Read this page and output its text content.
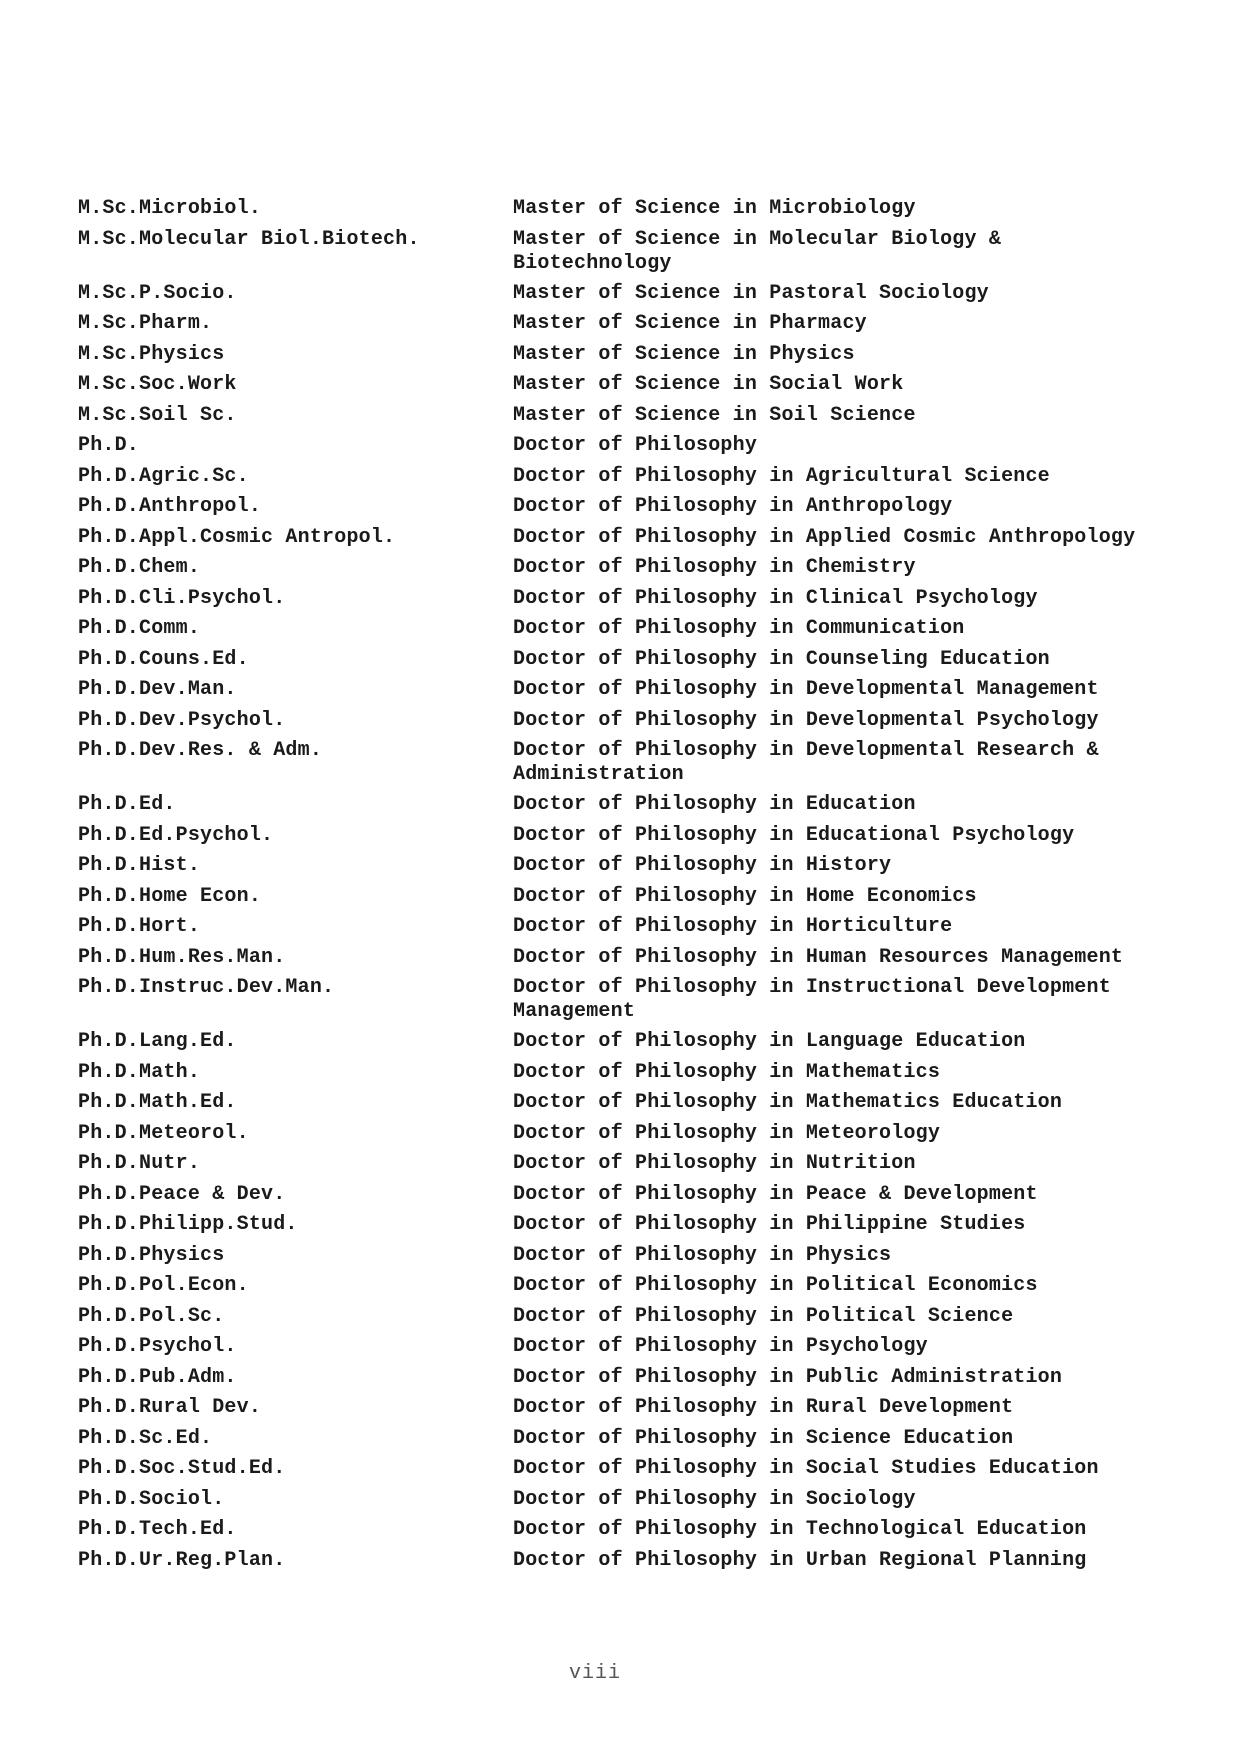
M.Sc.Microbiol.	Master of Science in Microbiology
M.Sc.Molecular Biol.Biotech.	Master of Science in Molecular Biology &
Biotechnology
M.Sc.P.Socio.	Master of Science in Pastoral Sociology
M.Sc.Pharm.	Master of Science in Pharmacy
M.Sc.Physics	Master of Science in Physics
M.Sc.Soc.Work	Master of Science in Social Work
M.Sc.Soil Sc.	Master of Science in Soil Science
Ph.D.	Doctor of Philosophy
Ph.D.Agric.Sc.	Doctor of Philosophy in Agricultural Science
Ph.D.Anthropol.	Doctor of Philosophy in Anthropology
Ph.D.Appl.Cosmic Antropol.	Doctor of Philosophy in Applied Cosmic Anthropology
Ph.D.Chem.	Doctor of Philosophy in Chemistry
Ph.D.Cli.Psychol.	Doctor of Philosophy in Clinical Psychology
Ph.D.Comm.	Doctor of Philosophy in Communication
Ph.D.Couns.Ed.	Doctor of Philosophy in Counseling Education
Ph.D.Dev.Man.	Doctor of Philosophy in Developmental Management
Ph.D.Dev.Psychol.	Doctor of Philosophy in Developmental Psychology
Ph.D.Dev.Res. & Adm.	Doctor of Philosophy in Developmental Research &
Administration
Ph.D.Ed.	Doctor of Philosophy in Education
Ph.D.Ed.Psychol.	Doctor of Philosophy in Educational Psychology
Ph.D.Hist.	Doctor of Philosophy in History
Ph.D.Home Econ.	Doctor of Philosophy in Home Economics
Ph.D.Hort.	Doctor of Philosophy in Horticulture
Ph.D.Hum.Res.Man.	Doctor of Philosophy in Human Resources Management
Ph.D.Instruc.Dev.Man.	Doctor of Philosophy in Instructional Development
Management
Ph.D.Lang.Ed.	Doctor of Philosophy in Language Education
Ph.D.Math.	Doctor of Philosophy in Mathematics
Ph.D.Math.Ed.	Doctor of Philosophy in Mathematics Education
Ph.D.Meteorol.	Doctor of Philosophy in Meteorology
Ph.D.Nutr.	Doctor of Philosophy in Nutrition
Ph.D.Peace & Dev.	Doctor of Philosophy in Peace & Development
Ph.D.Philipp.Stud.	Doctor of Philosophy in Philippine Studies
Ph.D.Physics	Doctor of Philosophy in Physics
Ph.D.Pol.Econ.	Doctor of Philosophy in Political Economics
Ph.D.Pol.Sc.	Doctor of Philosophy in Political Science
Ph.D.Psychol.	Doctor of Philosophy in Psychology
Ph.D.Pub.Adm.	Doctor of Philosophy in Public Administration
Ph.D.Rural Dev.	Doctor of Philosophy in Rural Development
Ph.D.Sc.Ed.	Doctor of Philosophy in Science Education
Ph.D.Soc.Stud.Ed.	Doctor of Philosophy in Social Studies Education
Ph.D.Sociol.	Doctor of Philosophy in Sociology
Ph.D.Tech.Ed.	Doctor of Philosophy in Technological Education
Ph.D.Ur.Reg.Plan.	Doctor of Philosophy in Urban Regional Planning
viii
